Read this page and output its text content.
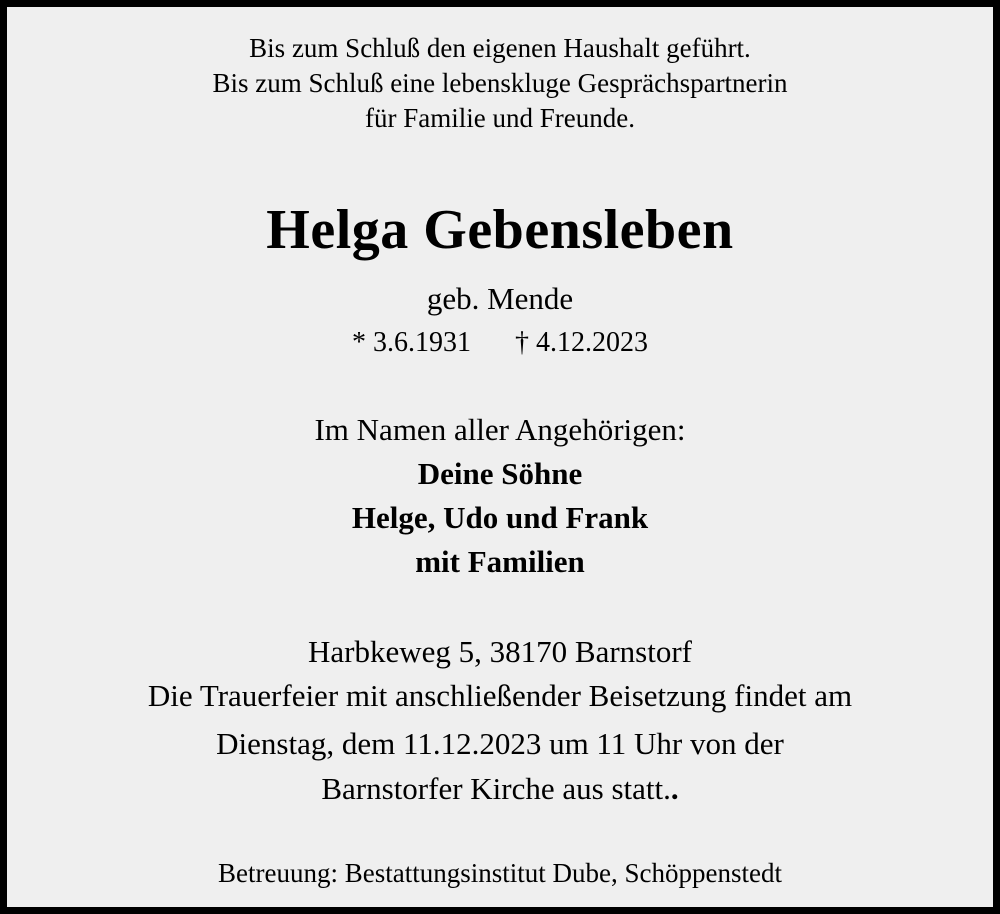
Bis zum Schluß den eigenen Haushalt geführt.
Bis zum Schluß eine lebenskluge Gesprächspartnerin
für Familie und Freunde.
Helga Gebensleben
geb. Mende
* 3.6.1931 † 4.12.2023
Im Namen aller Angehörigen:
Deine Söhne
Helge, Udo und Frank
mit Familien
Harbkeweg 5, 38170 Barnstorf
Die Trauerfeier mit anschließender Beisetzung findet am
Dienstag, dem 11.12.2023 um 11 Uhr von der
Barnstorfer Kirche aus statt..
Betreuung: Bestattungsinstitut Dube, Schöppenstedt
